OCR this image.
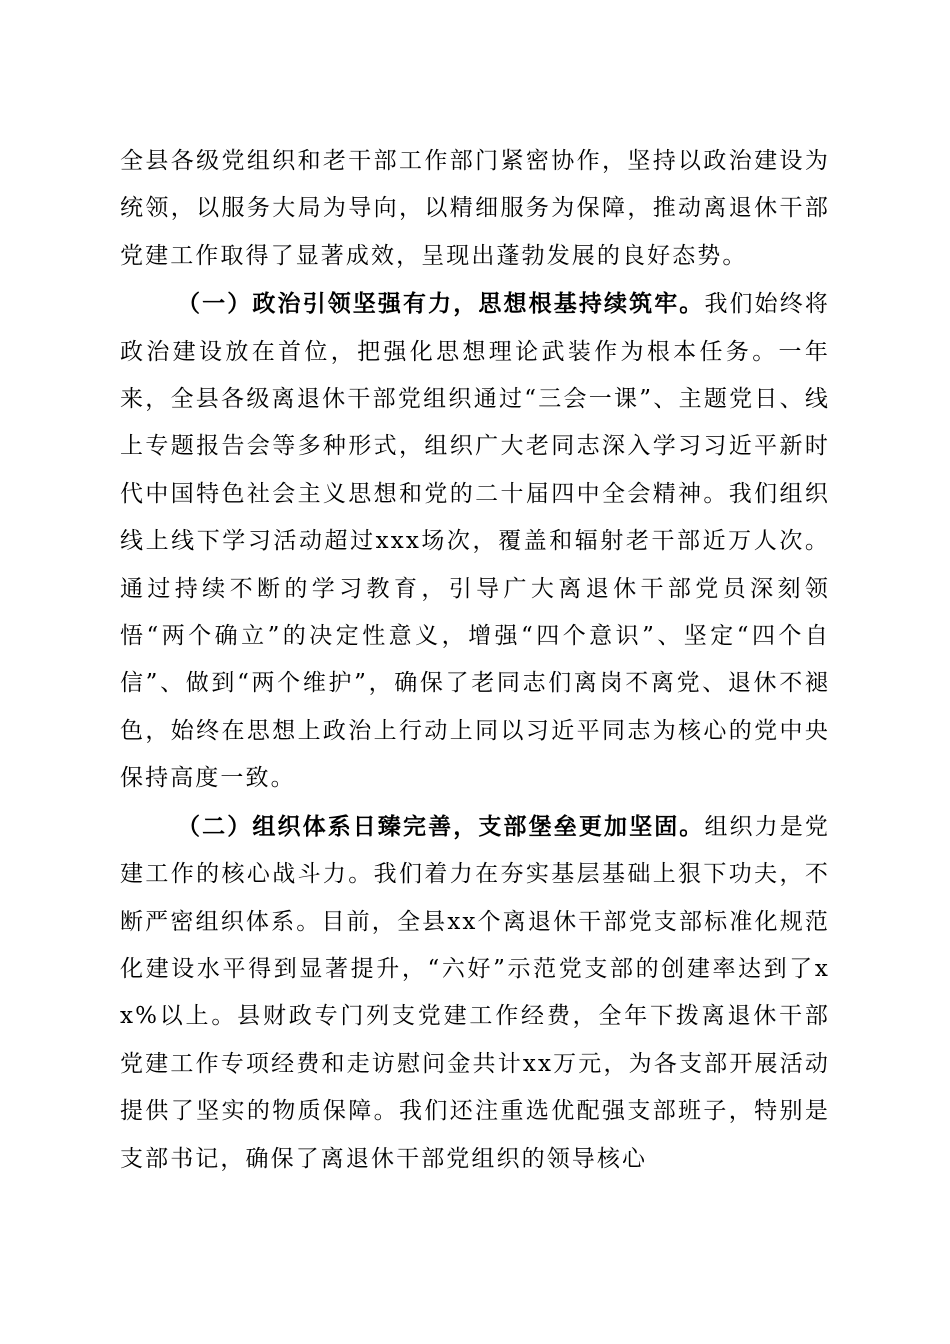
全县各级党组织和老干部工作部门紧密协作，坚持以政治建设为统领，以服务大局为导向，以精细服务为保障，推动离退休干部党建工作取得了显著成效，呈现出蓬勃发展的良好态势。

（一）政治引领坚强有力，思想根基持续筑牢。我们始终将政治建设放在首位，把强化思想理论武装作为根本任务。一年来，全县各级离退休干部党组织通过“三会一课”、主题党日、线上专题报告会等多种形式，组织广大老同志深入学习习近平新时代中国特色社会主义思想和党的二十届四中全会精神。我们组织线上线下学习活动超过xxx场次，覆盖和辐射老干部近万人次。通过持续不断的学习教育，引导广大离退休干部党员深刻领悟“两个确立”的决定性意义，增强“四个意识”、坚定“四个自信”、做到“两个维护”，确保了老同志们离岗不离党、退休不褪色，始终在思想上政治上行动上同以习近平同志为核心的党中央保持高度一致。

（二）组织体系日臻完善，支部堡垒更加坚固。组织力是党建工作的核心战斗力。我们着力在夯实基层基础上狠下功夫，不断严密组织体系。目前，全县xx个离退休干部党支部标准化规范化建设水平得到显著提升，“六好”示范党支部的创建率达到了xx%以上。县财政专门列支党建工作经费，全年下拨离退休干部党建工作专项经费和走访慰问金共计xx万元，为各支部开展活动提供了坚实的物质保障。我们还注重选优配强支部班子，特别是支部书记，确保了离退休干部党组织的领导核心
